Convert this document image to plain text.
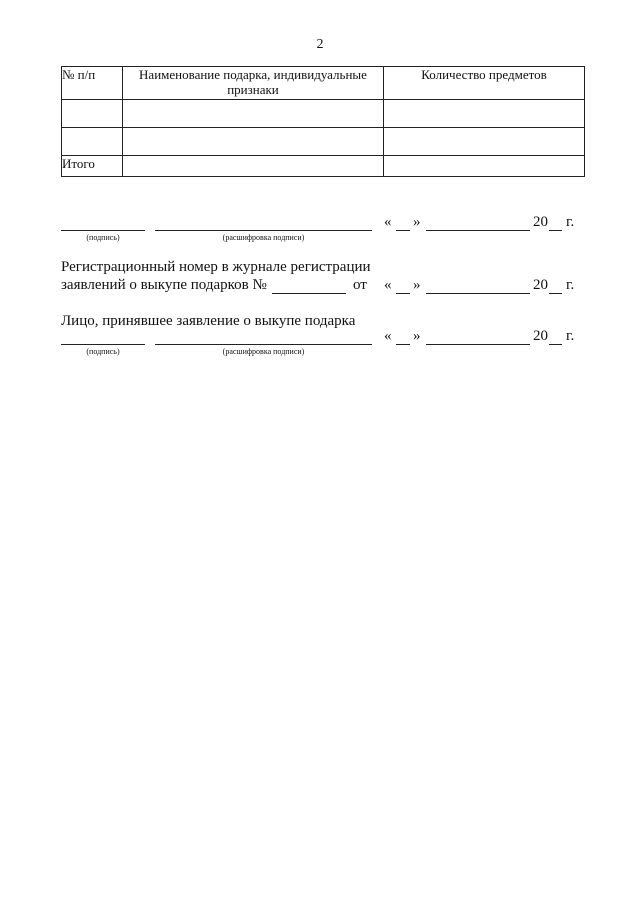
2
№ п/п	Наименование подарка, индивидуальные признаки	Количество предметов

Итого		
(подпись)	(расшифровка подписи)
« »	20 г.
Регистрационный номер в журнале регистрации
заявлений о выкупе подарков №	от « »	20 г.
Лицо, принявшее заявление о выкупе подарка
(подпись)	(расшифровка подписи)
« »	20 г.
